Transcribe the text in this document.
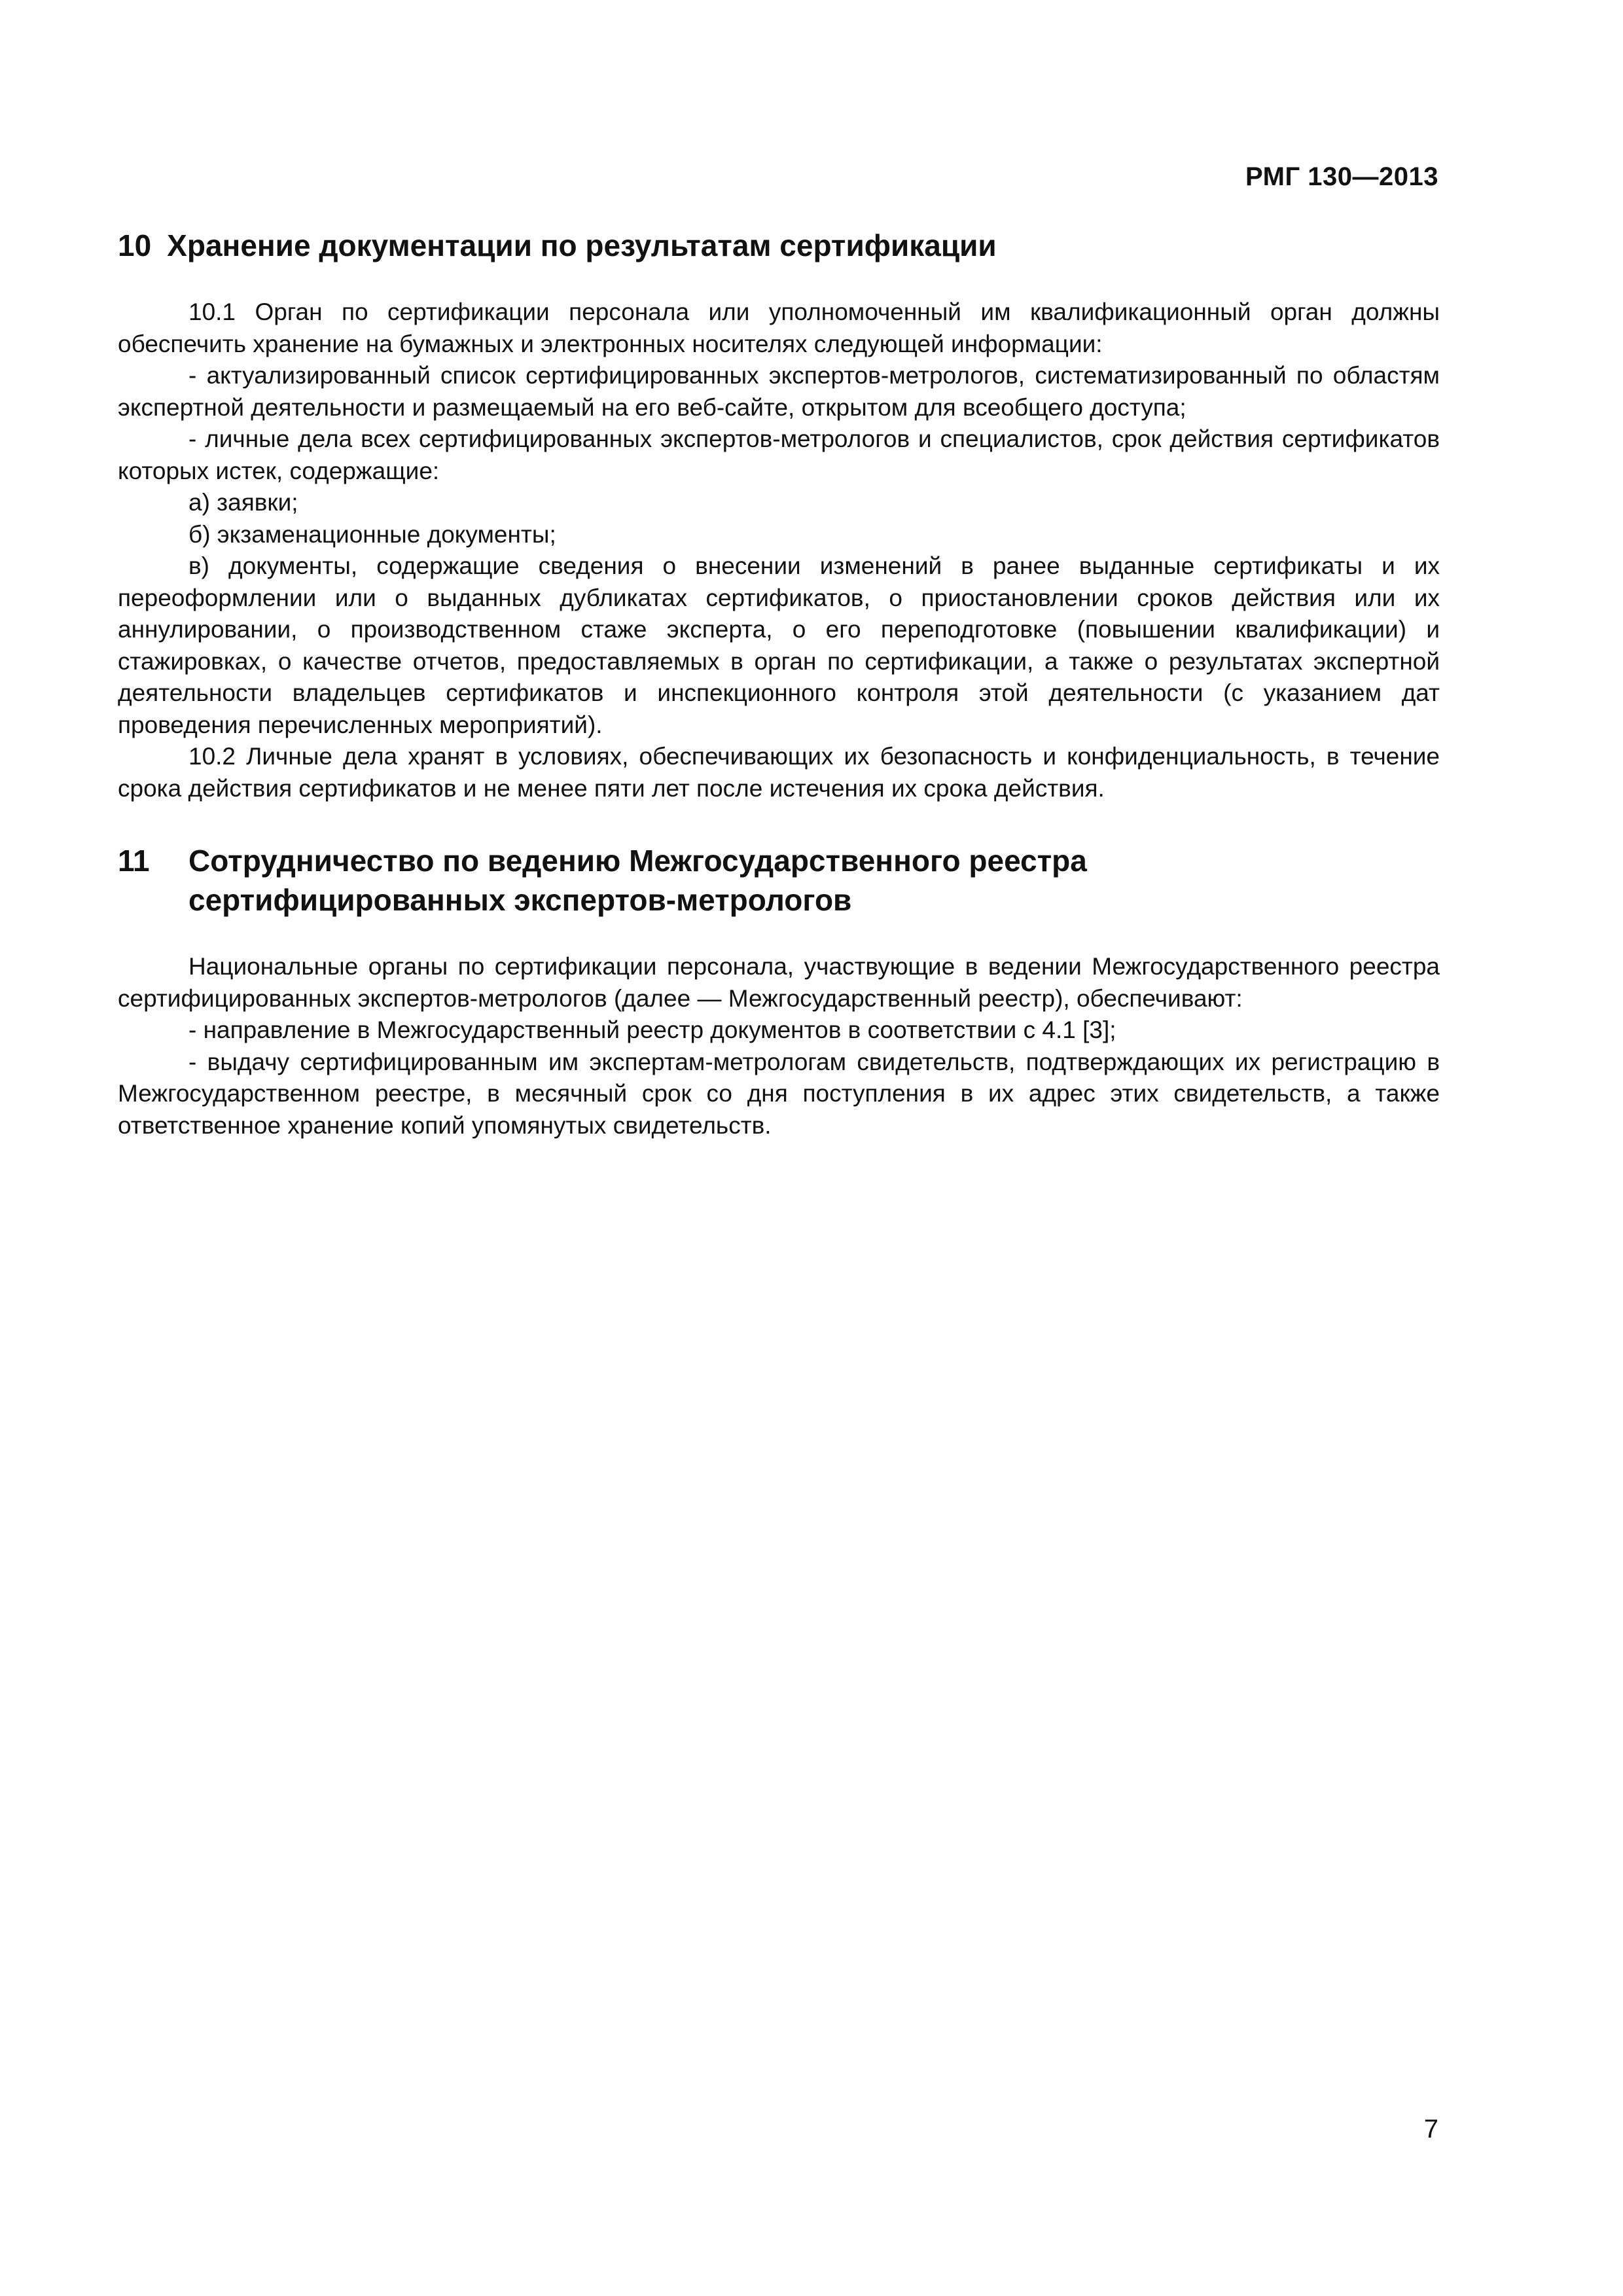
РМГ 130—2013
10 Хранение документации по результатам сертификации

10.1 Орган по сертификации персонала или уполномоченный им квалификационный орган должны обеспечить хранение на бумажных и электронных носителях следующей информации:

- актуализированный список сертифицированных экспертов-метрологов, систематизированный по областям экспертной деятельности и размещаемый на его веб-сайте, открытом для всеобщего доступа;

- личные дела всех сертифицированных экспертов-метрологов и специалистов, срок действия сертификатов которых истек, содержащие:

а) заявки;

б) экзаменационные документы;

в) документы, содержащие сведения о внесении изменений в ранее выданные сертификаты и их переоформлении или о выданных дубликатах сертификатов, о приостановлении сроков действия или их аннулировании, о производственном стаже эксперта, о его переподготовке (повышении квалификации) и стажировках, о качестве отчетов, предоставляемых в орган по сертификации, а также о результатах экспертной деятельности владельцев сертификатов и инспекционного контроля этой деятельности (с указанием дат проведения перечисленных мероприятий).

10.2 Личные дела хранят в условиях, обеспечивающих их безопасность и конфиденциальность, в течение срока действия сертификатов и не менее пяти лет после истечения их срока действия.

11 Сотрудничество по ведению Межгосударственного реестра
сертифицированных экспертов-метрологов

Национальные органы по сертификации персонала, участвующие в ведении Межгосударственного реестра сертифицированных экспертов-метрологов (далее — Межгосударственный реестр), обеспечивают:

- направление в Межгосударственный реестр документов в соответствии с 4.1 [3];

- выдачу сертифицированным им экспертам-метрологам свидетельств, подтверждающих их регистрацию в Межгосударственном реестре, в месячный срок со дня поступления в их адрес этих свидетельств, а также ответственное хранение копий упомянутых свидетельств.

7
